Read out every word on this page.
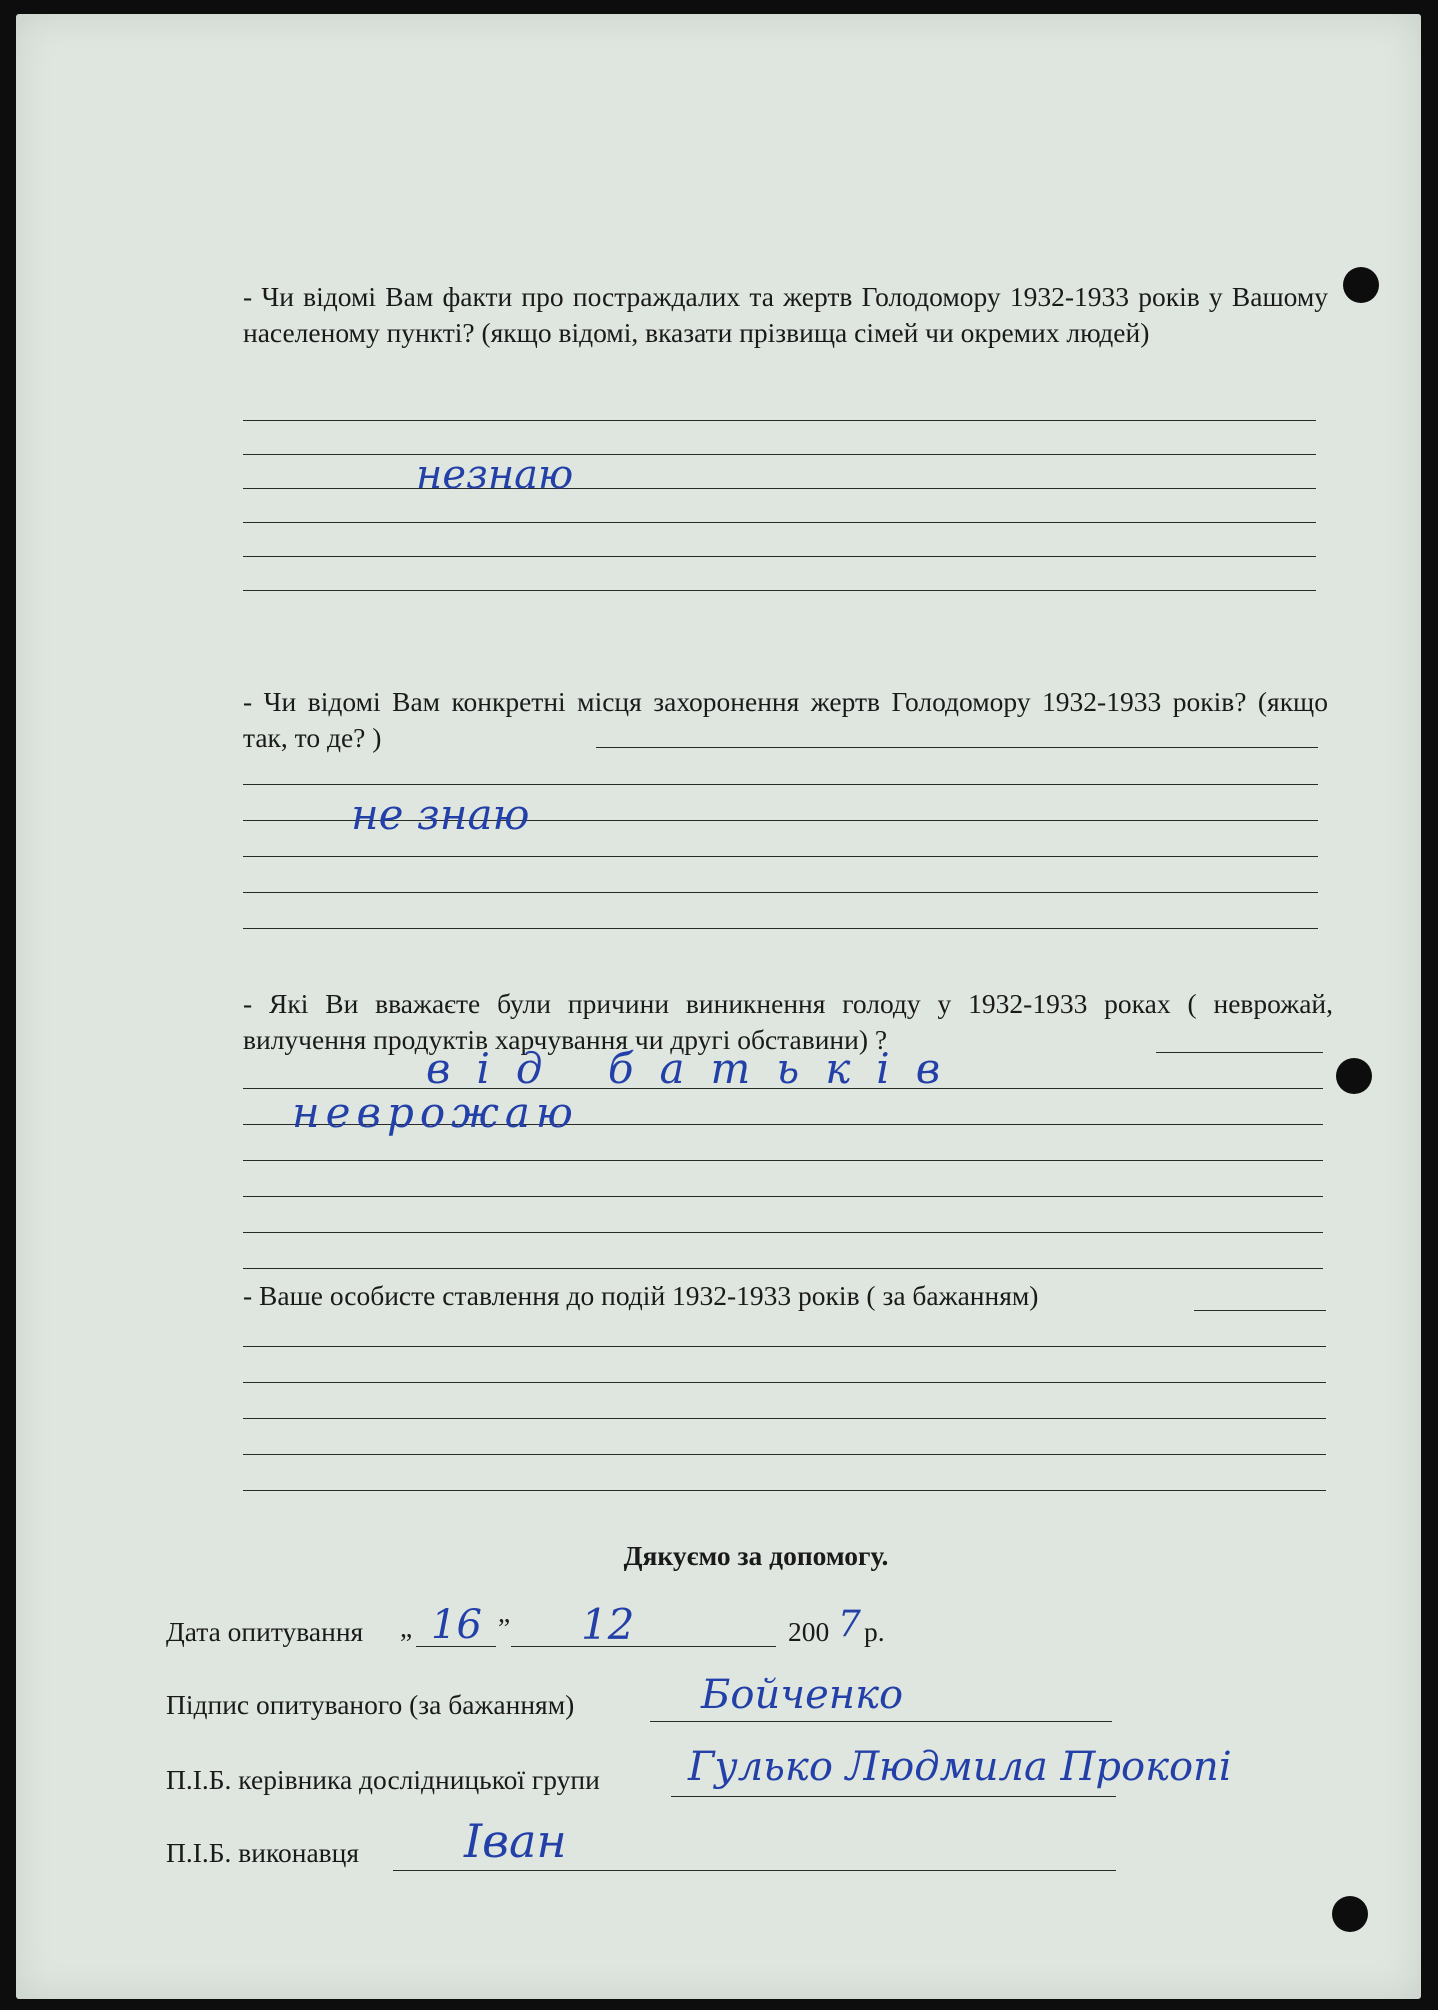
- Чи відомі Вам факти про постраждалих та жертв Голодомору 1932-1933 років у Вашому населеному пункті? (якщо відомі, вказати прізвища сімей чи окремих людей)
незнаю
- Чи відомі Вам конкретні місця захоронення жертв Голодомору 1932-1933 років? (якщо так, то де? )
не знаю
- Які Ви вважаєте були причини виникнення голоду у 1932-1933 роках ( неврожай, вилучення продуктів харчування чи другі обставини) ?
від батьків
неврожаю
- Ваше особисте ставлення до подій 1932-1933 років ( за бажанням)
Дякуємо за допомогу.
Дата опитування „ 16 ” 12	200 7 р.
Підпис опитуваного (за бажанням)	Бойченко
П.І.Б. керівника дослідницької групи Гулько Людмила Прокопі
П.І.Б. виконавця Іван
